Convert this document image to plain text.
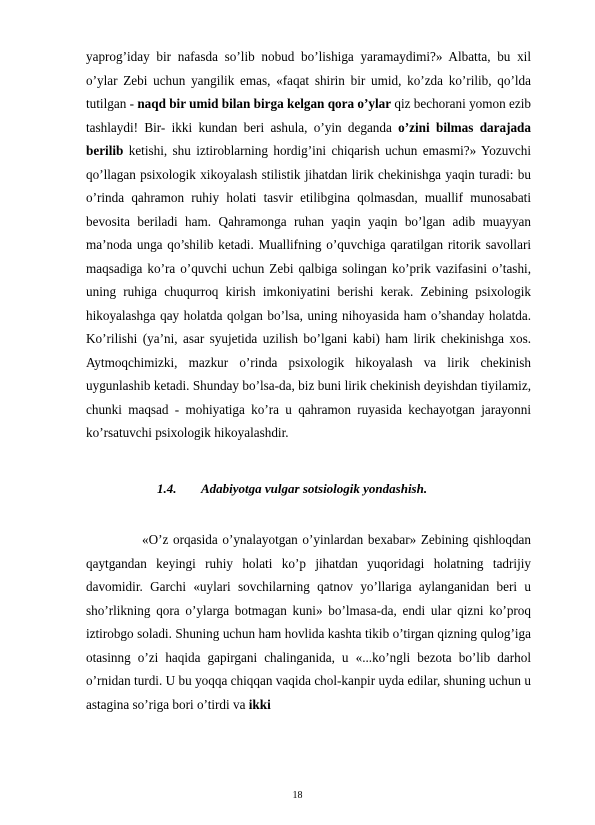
yaprog’iday bir nafasda so’lib nobud bo’lishiga yaramaydimi?» Albatta, bu xil o’ylar Zebi uchun yangilik emas, «faqat shirin bir umid, ko’zda ko’rilib, qo’lda tutilgan - naqd bir umid bilan birga kelgan qora o’ylar qiz bechorani yomon ezib tashlaydi! Bir- ikki kundan beri ashula, o’yin deganda o’zini bilmas darajada berilib ketishi, shu iztiroblarning hordig’ini chiqarish uchun emasmi?» Yozuvchi qo’llagan psixologik xikoyalash stilistik jihatdan lirik chekinishga yaqin turadi: bu o’rinda qahramon ruhiy holati tasvir etilibgina qolmasdan, muallif munosabati bevosita beriladi ham. Qahramonga ruhan yaqin yaqin bo’lgan adib muayyan ma’noda unga qo’shilib ketadi. Muallifning o’quvchiga qaratilgan ritorik savollari maqsadiga ko’ra o’quvchi uchun Zebi qalbiga solingan ko’prik vazifasini o’tashi, uning ruhiga chuqurroq kirish imkoniyatini berishi kerak. Zebining psixologik hikoyalashga qay holatda qolgan bo’lsa, uning nihoyasida ham o’shanday holatda. Ko’rilishi (ya’ni, asar syujetida uzilish bo’lgani kabi) ham lirik chekinishga xos. Aytmoqchimizki, mazkur o’rinda psixologik hikoyalash va lirik chekinish uygunlashib ketadi. Shunday bo’lsa-da, biz buni lirik chekinish deyishdan tiyilamiz, chunki maqsad - mohiyatiga ko’ra u qahramon ruyasida kechayotgan jarayonni ko’rsatuvchi psixologik hikoyalashdir.

1.4. Adabiyotga vulgar sotsiologik yondashish.

«O’z orqasida o’ynalayotgan o’yinlardan bexabar» Zebining qishloqdan qaytgandan keyingi ruhiy holati ko’p jihatdan yuqoridagi holatning tadrijiy davomidir. Garchi «uylari sovchilarning qatnov yo’llariga aylanganidan beri u sho’rlikning qora o’ylarga botmagan kuni» bo’lmasa-da, endi ular qizni ko’proq iztirobgo soladi. Shuning uchun ham hovlida kashta tikib o’tirgan qizning qulog’iga otasinng o’zi haqida gapirgani chalinganida, u «...ko’ngli bezota bo’lib darhol o’rnidan turdi. U bu yoqqa chiqqan vaqida chol-kanpir uyda edilar, shuning uchun u astagina so’riga bori o’tirdi va ikki

18
